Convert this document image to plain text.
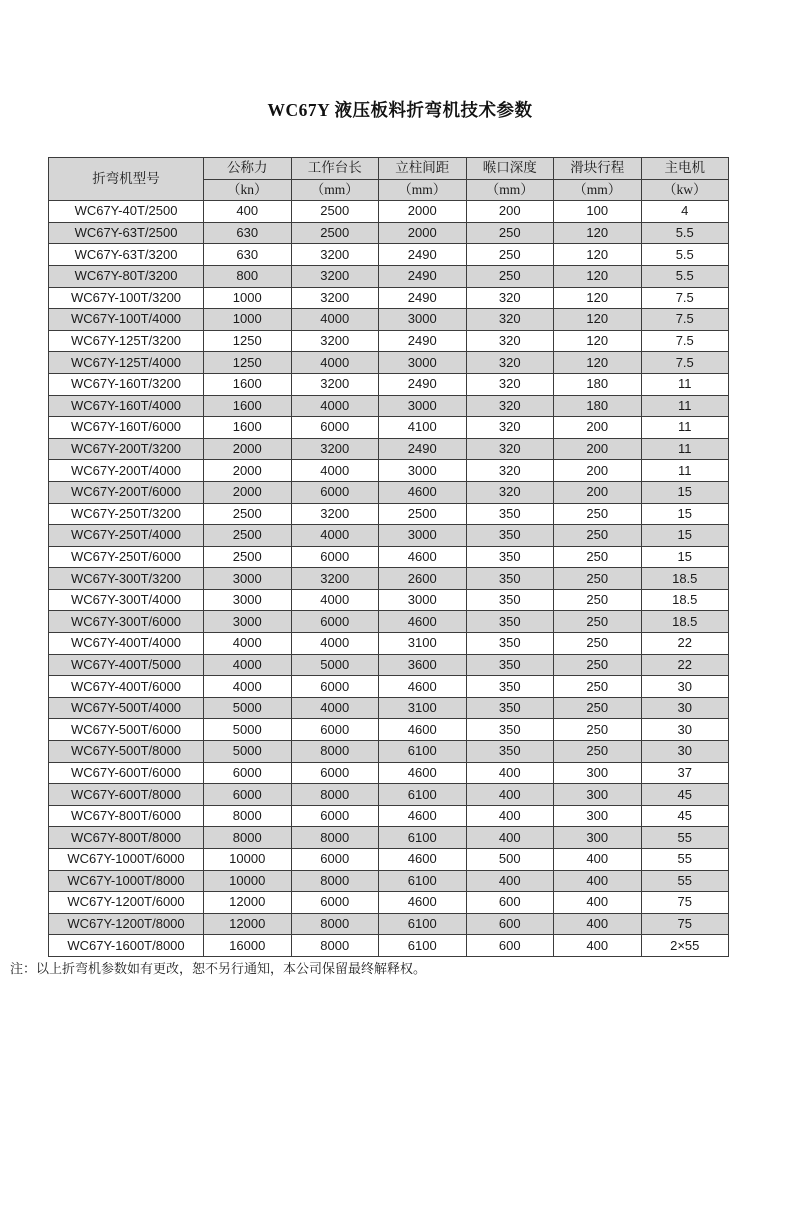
WC67Y 液压板料折弯机技术参数
折弯机型号	公称力	工作台长	立柱间距	喉口深度	滑块行程	主电机
	（kn）	（mm）	（mm）	（mm）	（mm）	（kw）
WC67Y-40T/2500	400	2500	2000	200	100	4
WC67Y-63T/2500	630	2500	2000	250	120	5.5
WC67Y-63T/3200	630	3200	2490	250	120	5.5
WC67Y-80T/3200	800	3200	2490	250	120	5.5
WC67Y-100T/3200	1000	3200	2490	320	120	7.5
WC67Y-100T/4000	1000	4000	3000	320	120	7.5
WC67Y-125T/3200	1250	3200	2490	320	120	7.5
WC67Y-125T/4000	1250	4000	3000	320	120	7.5
WC67Y-160T/3200	1600	3200	2490	320	180	11
WC67Y-160T/4000	1600	4000	3000	320	180	11
WC67Y-160T/6000	1600	6000	4100	320	200	11
WC67Y-200T/3200	2000	3200	2490	320	200	11
WC67Y-200T/4000	2000	4000	3000	320	200	11
WC67Y-200T/6000	2000	6000	4600	320	200	15
WC67Y-250T/3200	2500	3200	2500	350	250	15
WC67Y-250T/4000	2500	4000	3000	350	250	15
WC67Y-250T/6000	2500	6000	4600	350	250	15
WC67Y-300T/3200	3000	3200	2600	350	250	18.5
WC67Y-300T/4000	3000	4000	3000	350	250	18.5
WC67Y-300T/6000	3000	6000	4600	350	250	18.5
WC67Y-400T/4000	4000	4000	3100	350	250	22
WC67Y-400T/5000	4000	5000	3600	350	250	22
WC67Y-400T/6000	4000	6000	4600	350	250	30
WC67Y-500T/4000	5000	4000	3100	350	250	30
WC67Y-500T/6000	5000	6000	4600	350	250	30
WC67Y-500T/8000	5000	8000	6100	350	250	30
WC67Y-600T/6000	6000	6000	4600	400	300	37
WC67Y-600T/8000	6000	8000	6100	400	300	45
WC67Y-800T/6000	8000	6000	4600	400	300	45
WC67Y-800T/8000	8000	8000	6100	400	300	55
WC67Y-1000T/6000	10000	6000	4600	500	400	55
WC67Y-1000T/8000	10000	8000	6100	400	400	55
WC67Y-1200T/6000	12000	6000	4600	600	400	75
WC67Y-1200T/8000	12000	8000	6100	600	400	75
WC67Y-1600T/8000	16000	8000	6100	600	400	2×55
注：以上折弯机参数如有更改，恕不另行通知，本公司保留最终解释权。
